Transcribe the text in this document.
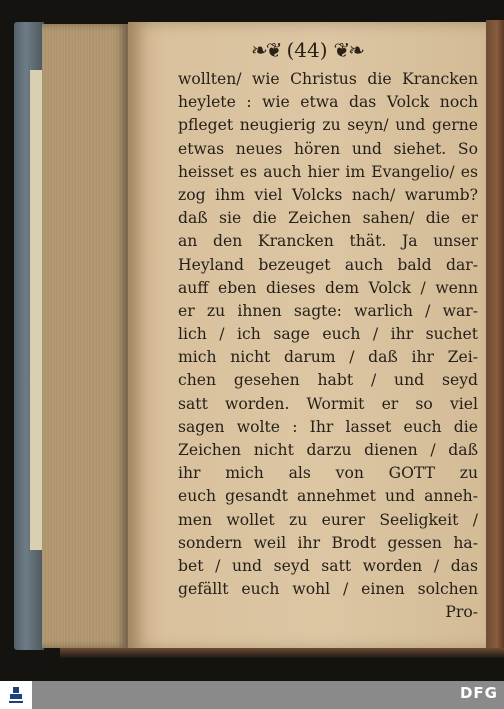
❧❦ (44) ❦❧
wollten/ wie Christus die Krancken
heylete : wie etwa das Volck noch
pfleget neugierig zu seyn/ und gerne
etwas neues hören und siehet. So
heisset es auch hier im Evangelio/ es
zog ihm viel Volcks nach/ warumb?
daß sie die Zeichen sahen/ die er
an den Krancken thät. Ja unser
Heyland bezeuget auch bald dar-
auff eben dieses dem Volck / wenn
er zu ihnen sagte: warlich / war-
lich / ich sage euch / ihr suchet
mich nicht darum / daß ihr Zei-
chen gesehen habt / und seyd
satt worden. Wormit er so viel
sagen wolte : Ihr lasset euch die
Zeichen nicht darzu dienen / daß
ihr mich als von GOTT zu
euch gesandt annehmet und anneh-
men wollet zu eurer Seeligkeit /
sondern weil ihr Brodt gessen ha-
bet / und seyd satt worden / das
gefällt euch wohl / einen solchen
Pro-
DFG
